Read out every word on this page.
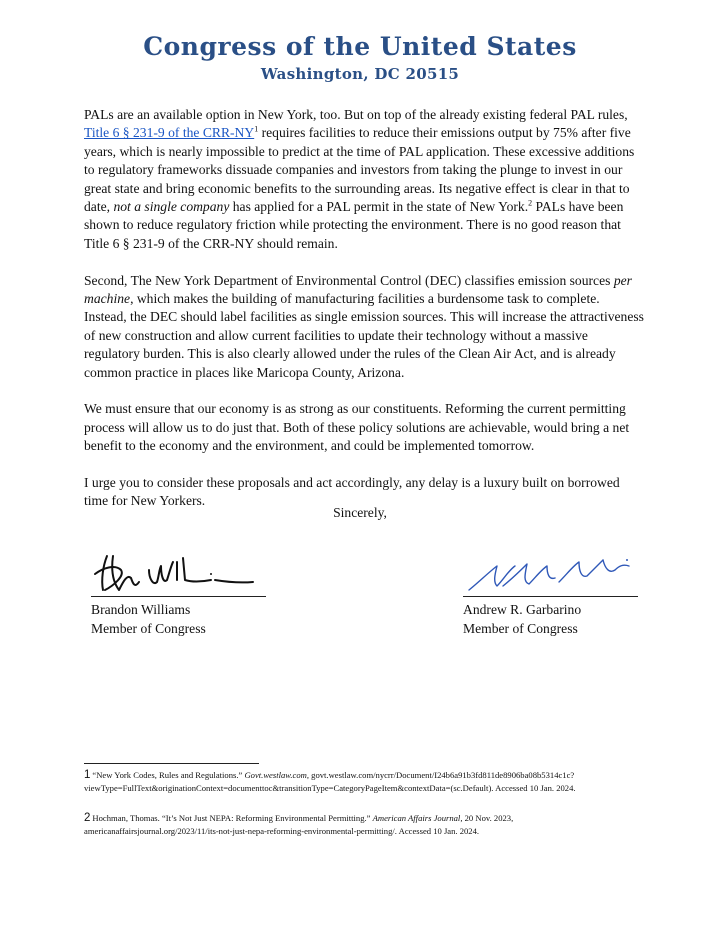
Congress of the United States
Washington, DC 20515

PALs are an available option in New York, too. But on top of the already existing federal PAL rules, Title 6 § 231-9 of the CRR-$NY^1$ requires facilities to reduce their emissions output by 75% after five years, which is nearly impossible to predict at the time of PAL application. These excessive additions to regulatory frameworks dissuade companies and investors from taking the plunge to invest in our great state and bring economic benefits to the surrounding areas. Its negative effect is clear in that to date, not a single company has applied for a PAL permit in the state of New York.$^2$ PALs have been shown to reduce regulatory friction while protecting the environment. There is no good reason that Title 6 § 231-9 of the CRR-NY should remain.

Second, The New York Department of Environmental Control (DEC) classifies emission sources per machine, which makes the building of manufacturing facilities a burdensome task to complete. Instead, the DEC should label facilities as single emission sources. This will increase the attractiveness of new construction and allow current facilities to update their technology without a massive regulatory burden. This is also clearly allowed under the rules of the Clean Air Act, and is already common practice in places like Maricopa County, Arizona.

We must ensure that our economy is as strong as our constituents. Reforming the current permitting process will allow us to do just that. Both of these policy solutions are achievable, would bring a net benefit to the economy and the environment, and could be implemented tomorrow.

I urge you to consider these proposals and act accordingly, any delay is a luxury built on borrowed time for New Yorkers.

Sincerely,
Brandon Williams
Member of Congress
Andrew R. Garbarino
Member of Congress
1 “New York Codes, Rules and Regulations.” Govt.westlaw.com, govt.westlaw.com/nycrr/Document/I24b6a91b3fd811de8906ba08b5314c1c?viewType=FullText&originationContext=documenttoc&transitionType=CategoryPageItem&contextData=(sc.Default). Accessed 10 Jan. 2024.
2 Hochman, Thomas. “It’s Not Just NEPA: Reforming Environmental Permitting.” American Affairs Journal, 20 Nov. 2023, americanaffairsjournal.org/2023/11/its-not-just-nepa-reforming-environmental-permitting/. Accessed 10 Jan. 2024.
